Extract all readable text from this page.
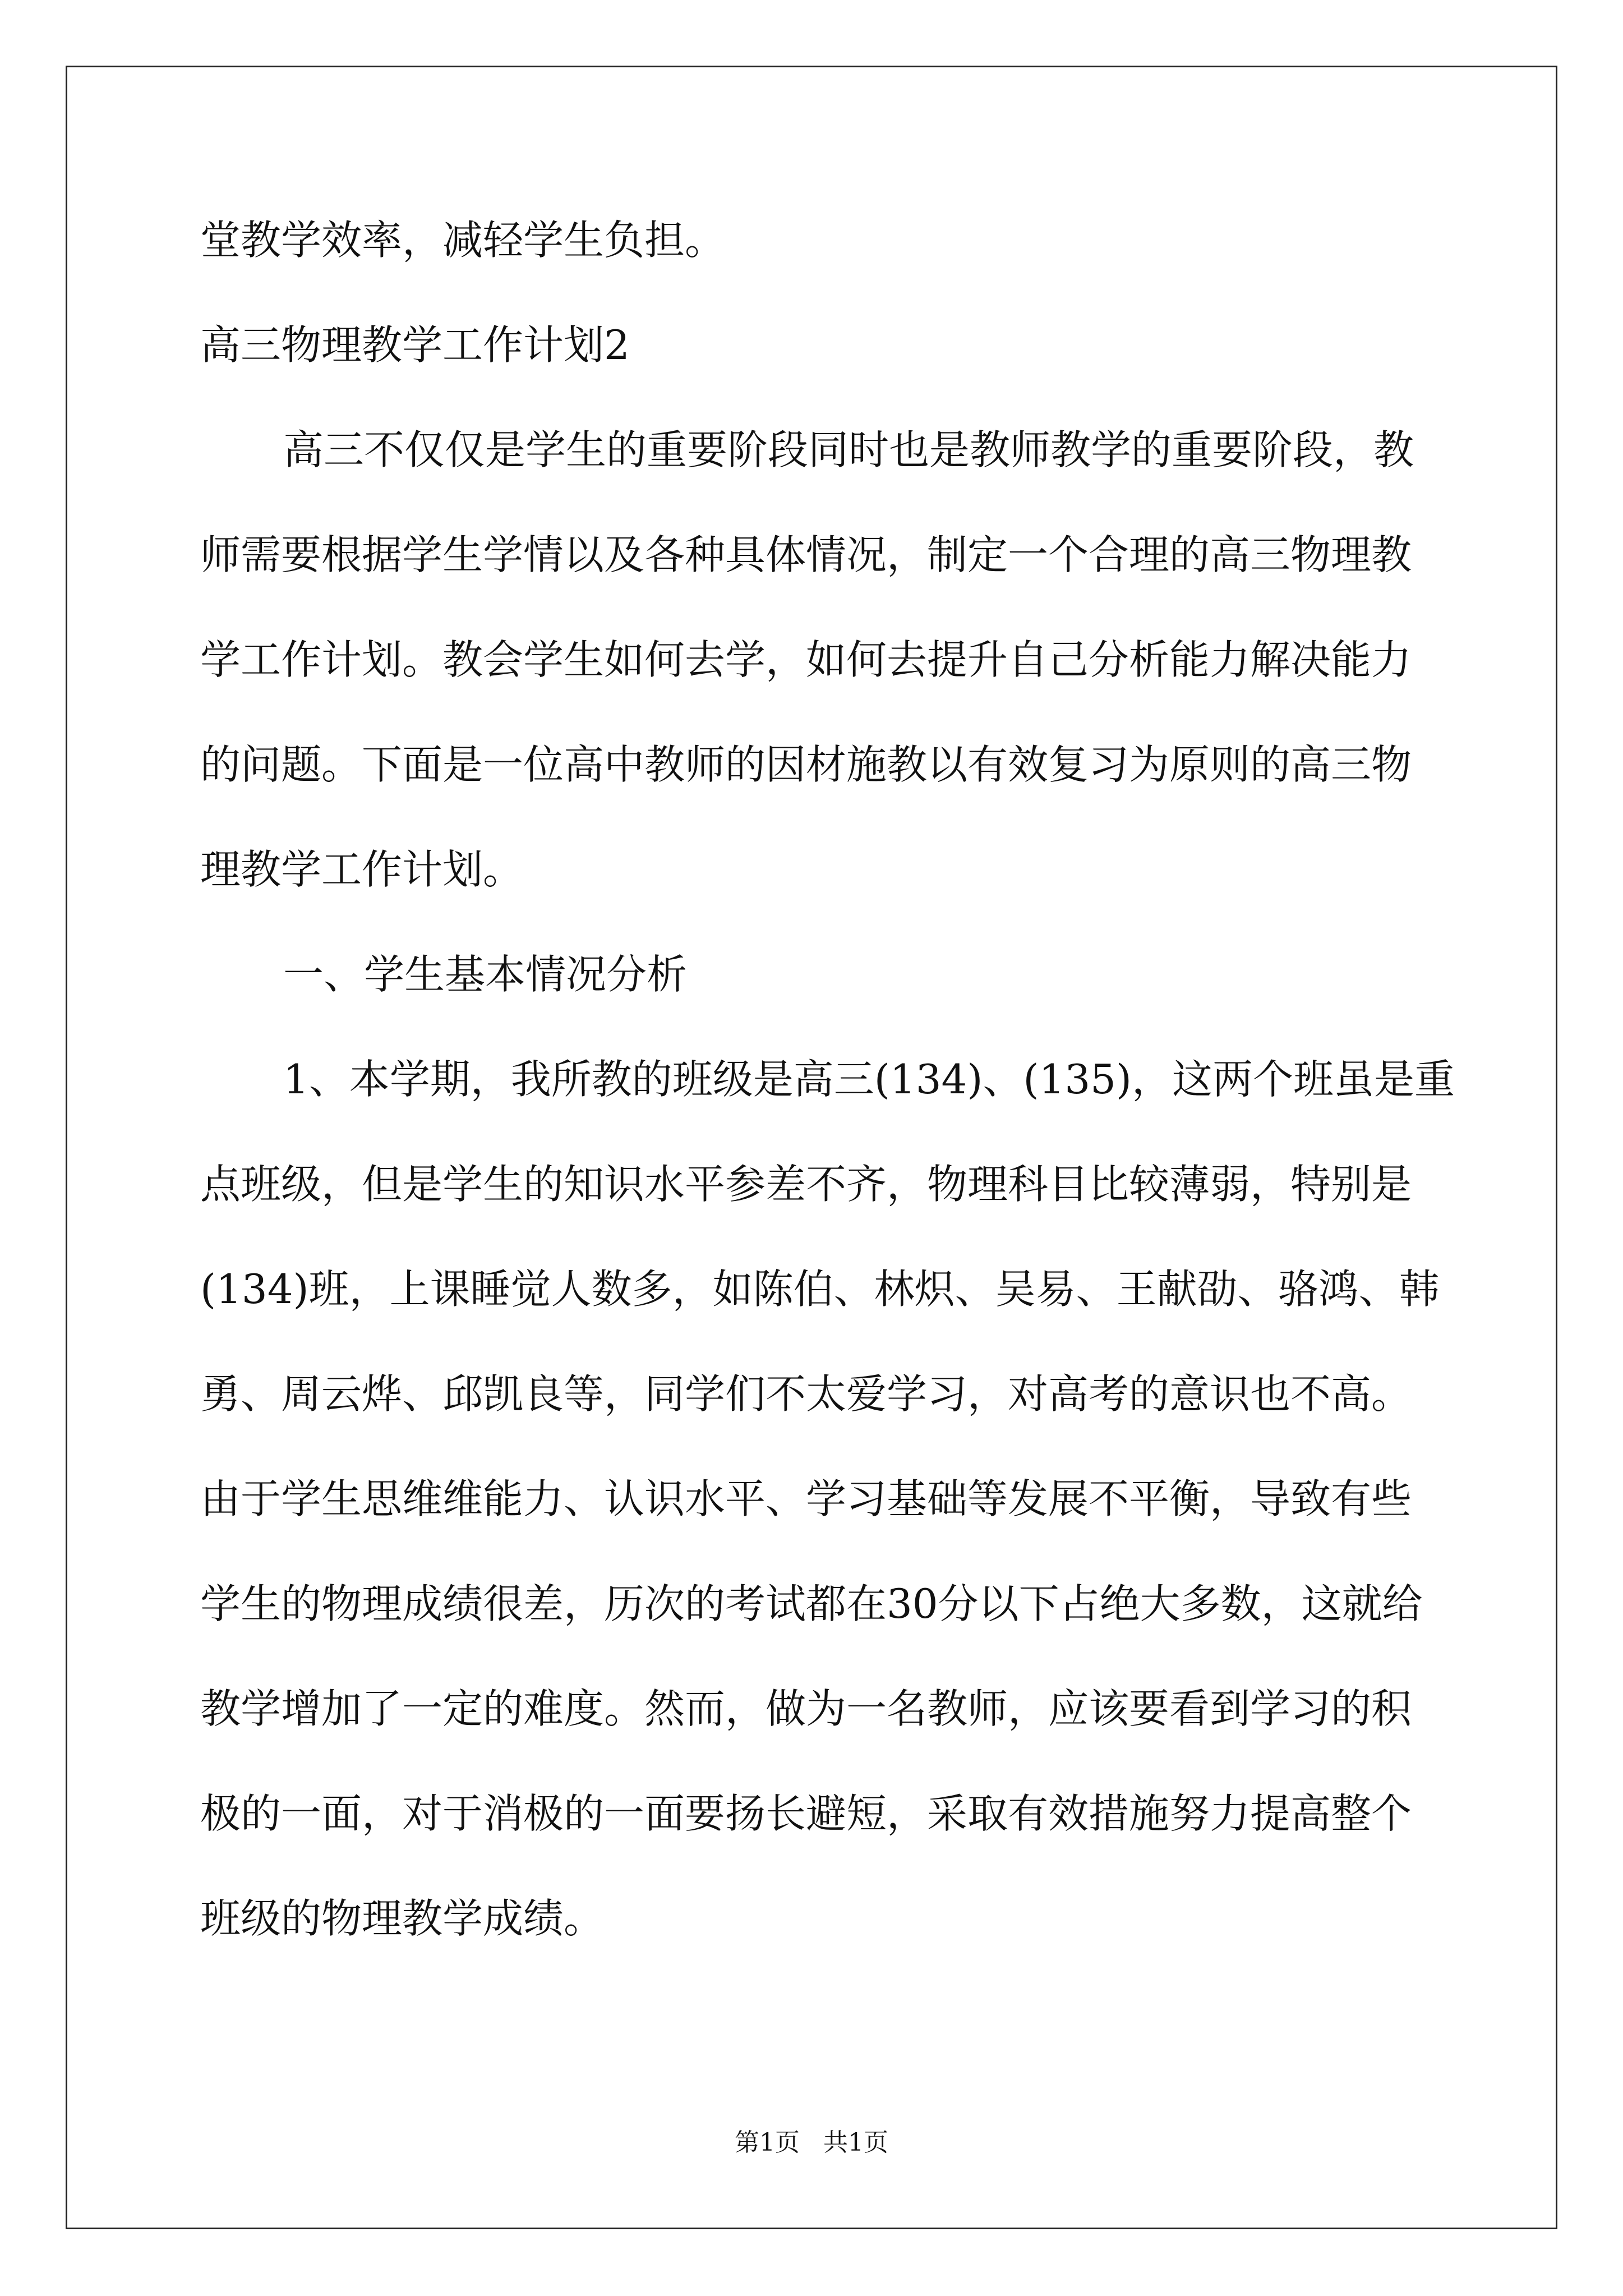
堂教学效率，减轻学生负担。
高三物理教学工作计划2
高三不仅仅是学生的重要阶段同时也是教师教学的重要阶段，教
师需要根据学生学情以及各种具体情况，制定一个合理的高三物理教
学工作计划。教会学生如何去学，如何去提升自己分析能力解决能力
的问题。下面是一位高中教师的因材施教以有效复习为原则的高三物
理教学工作计划。
一、学生基本情况分析
1、本学期，我所教的班级是高三(134)、(135)，这两个班虽是重
点班级，但是学生的知识水平参差不齐，物理科目比较薄弱，特别是
(134)班，上课睡觉人数多，如陈伯、林炽、吴易、王献劭、骆鸿、韩
勇、周云烨、邱凯良等，同学们不太爱学习，对高考的意识也不高。
由于学生思维维能力、认识水平、学习基础等发展不平衡，导致有些
学生的物理成绩很差，历次的考试都在30分以下占绝大多数，这就给
教学增加了一定的难度。然而，做为一名教师，应该要看到学习的积
极的一面，对于消极的一面要扬长避短，采取有效措施努力提高整个
班级的物理教学成绩。
第1页   共1页
